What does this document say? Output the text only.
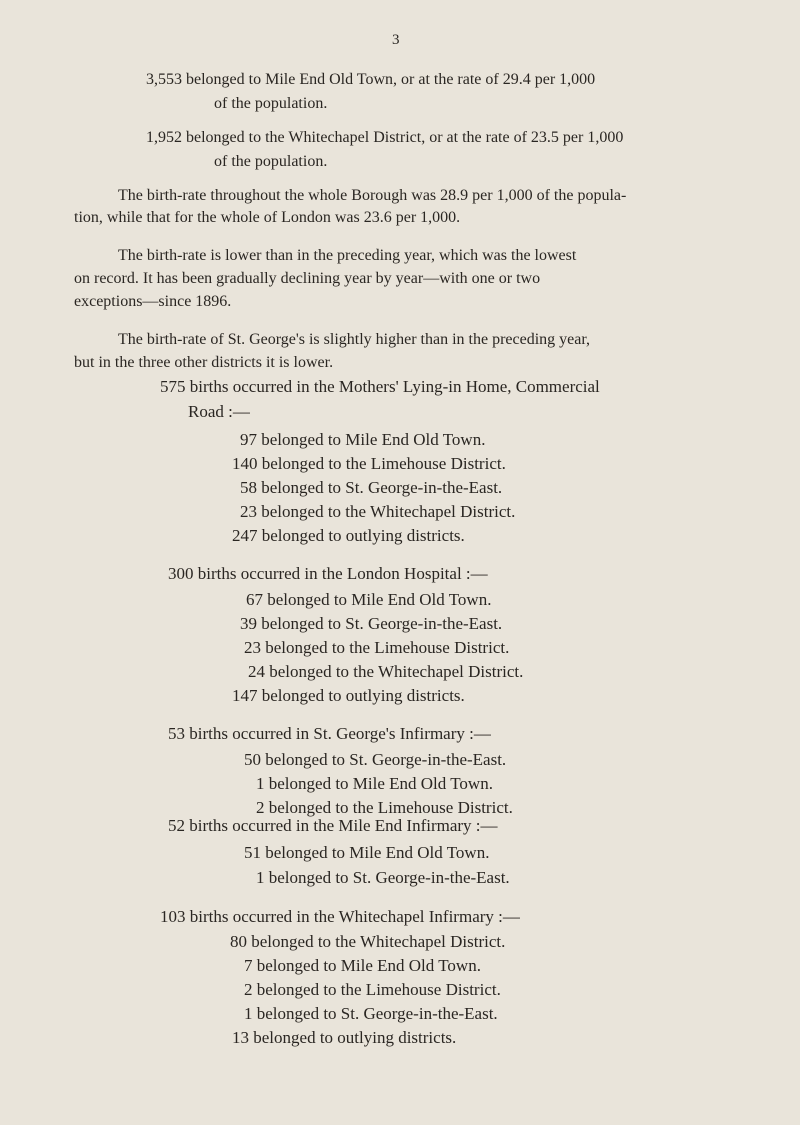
3
3,553 belonged to Mile End Old Town, or at the rate of 29.4 per 1,000
of the population.
1,952 belonged to the Whitechapel District, or at the rate of 23.5 per 1,000
of the population.
The birth-rate throughout the whole Borough was 28.9 per 1,000 of the popula-
tion, while that for the whole of London was 23.6 per 1,000.
The birth-rate is lower than in the preceding year, which was the lowest
on record. It has been gradually declining year by year—with one or two
exceptions—since 1896.
The birth-rate of St. George's is slightly higher than in the preceding year,
but in the three other districts it is lower.
575 births occurred in the Mothers' Lying-in Home, Commercial
Road :—
97 belonged to Mile End Old Town.
140 belonged to the Limehouse District.
58 belonged to St. George-in-the-East.
23 belonged to the Whitechapel District.
247 belonged to outlying districts.
300 births occurred in the London Hospital :—
67 belonged to Mile End Old Town.
39 belonged to St. George-in-the-East.
23 belonged to the Limehouse District.
24 belonged to the Whitechapel District.
147 belonged to outlying districts.
53 births occurred in St. George's Infirmary :—
50 belonged to St. George-in-the-East.
1 belonged to Mile End Old Town.
2 belonged to the Limehouse District.
52 births occurred in the Mile End Infirmary :—
51 belonged to Mile End Old Town.
1 belonged to St. George-in-the-East.
103 births occurred in the Whitechapel Infirmary :—
80 belonged to the Whitechapel District.
7 belonged to Mile End Old Town.
2 belonged to the Limehouse District.
1 belonged to St. George-in-the-East.
13 belonged to outlying districts.
